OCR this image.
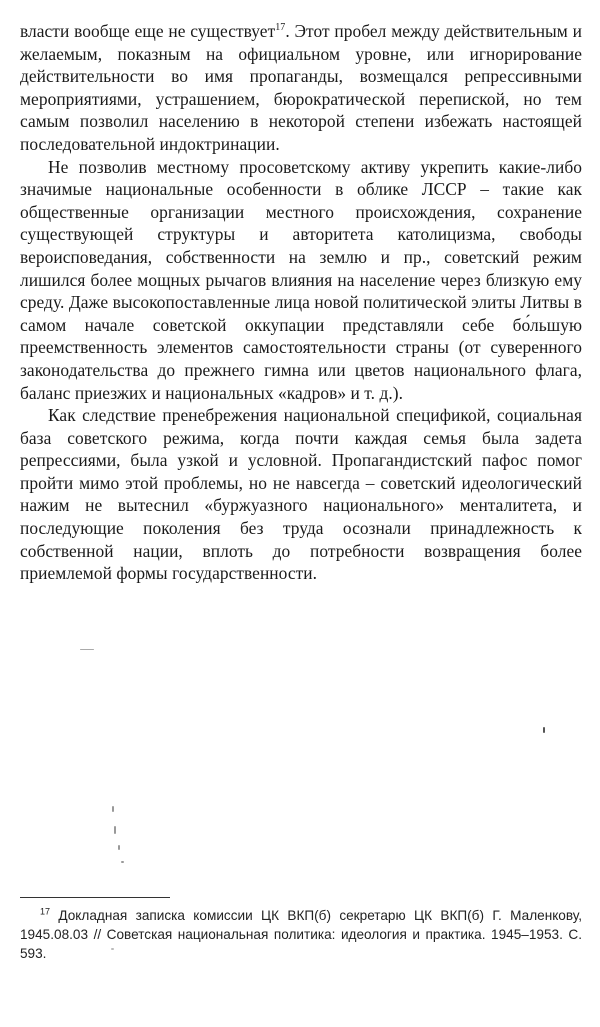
власти вообще еще не существует$^{17}$. Этот пробел между действительным и желаемым, показным на официальном уровне, или игнорирование действительности во имя пропаганды, возмещался репрессивными мероприятиями, устрашением, бюрократической перепиской, но тем самым позволил населению в некоторой степени избежать настоящей последовательной индоктринации.

Не позволив местному просоветскому активу укрепить какие-либо значимые национальные особенности в облике ЛССР – такие как общественные организации местного происхождения, сохранение существующей структуры и авторитета католицизма, свободы вероисповедания, собственности на землю и пр., советский режим лишился более мощных рычагов влияния на население через близкую ему среду. Даже высокопоставленные лица новой политической элиты Литвы в самом начале советской оккупации представляли себе бо́льшую преемственность элементов самостоятельности страны (от суверенного законодательства до прежнего гимна или цветов национального флага, баланс приезжих и национальных «кадров» и т. д.).

Как следствие пренебрежения национальной спецификой, социальная база советского режима, когда почти каждая семья была задета репрессиями, была узкой и условной. Пропагандистский пафос помог пройти мимо этой проблемы, но не навсегда – советский идеологический нажим не вытеснил «буржуазного национального» менталитета, и последующие поколения без труда осознали принадлежность к собственной нации, вплоть до потребности возвращения более приемлемой формы государственности.

$^{17}$ Докладная записка комиссии ЦК ВКП(б) секретарю ЦК ВКП(б) Г. Маленкову, 1945.08.03 // Советская национальная политика: идеология и практика. 1945–1953. С. 593.
